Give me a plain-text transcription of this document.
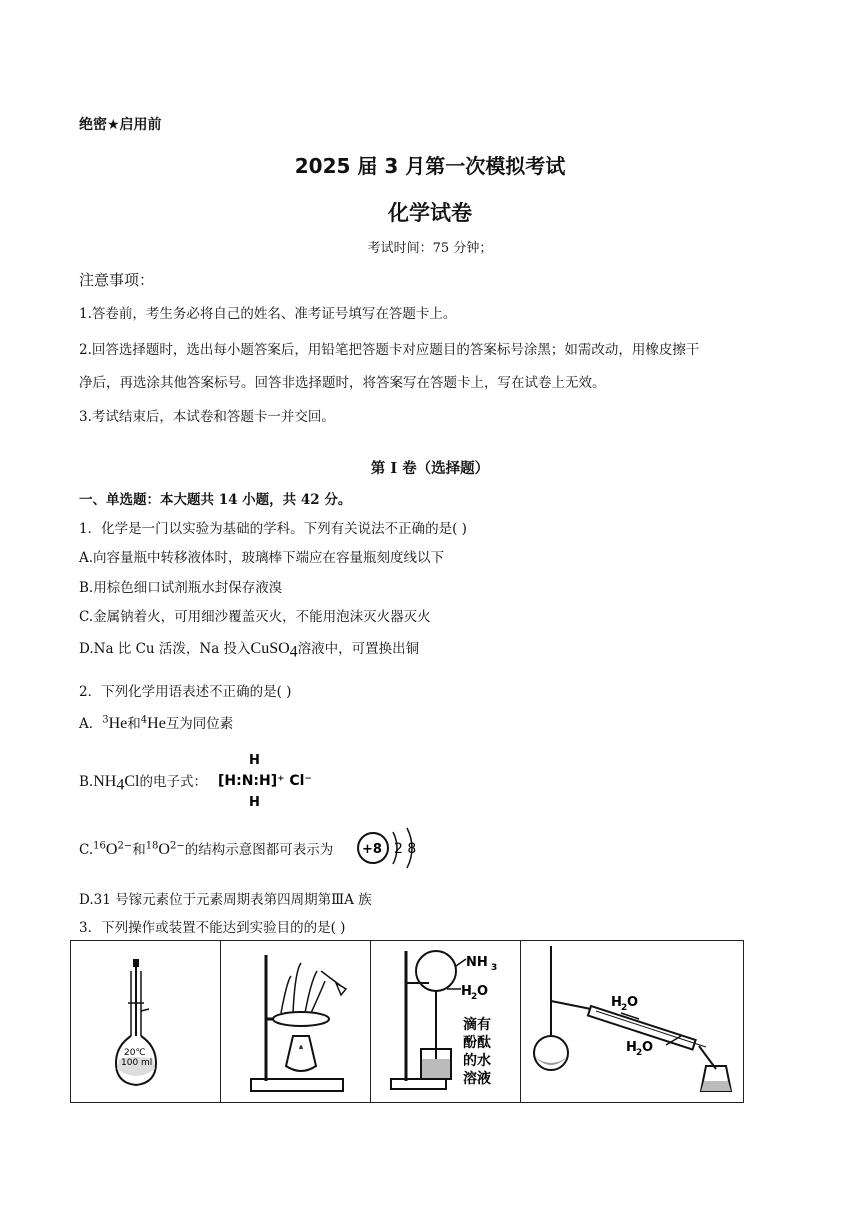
绝密★启用前
2025 届 3 月第一次模拟考试
化学试卷
考试时间：75 分钟；
注意事项：
1.答卷前，考生务必将自己的姓名、准考证号填写在答题卡上。
2.回答选择题时，选出每小题答案后，用铅笔把答题卡对应题目的答案标号涂黑；如需改动，用橡皮擦干
净后，再选涂其他答案标号。回答非选择题时，将答案写在答题卡上，写在试卷上无效。
3.考试结束后，本试卷和答题卡一并交回。
第 I 卷（选择题）
一、单选题：本大题共 14 小题，共 42 分。
1．化学是一门以实验为基础的学科。下列有关说法不正确的是( )
A.向容量瓶中转移液体时，玻璃棒下端应在容量瓶刻度线以下
B.用棕色细口试剂瓶水封保存液溴
C.金属钠着火，可用细沙覆盖灭火，不能用泡沫灭火器灭火
D.Na 比 Cu 活泼，Na 投入CuSO$_4$溶液中，可置换出铜
2．下列化学用语表述不正确的是( )
A．$^3$He和$^4$He互为同位素
$B.NH_4Cl$的电子式：
H
[H:N:H]⁺ Cl⁻
H
$C.^{16}O^{2-}$和$^{18}O^{2-}$的结构示意图都可表示为 +8 2 8
D.31 号镓元素位于元素周期表第四周期第ⅢA 族
3．下列操作或装置不能达到实验目的的是( )
20℃
100 ml
NH 3
H 2 O
滴有
酚酞
的水
溶液
H 2 O
H 2 O
